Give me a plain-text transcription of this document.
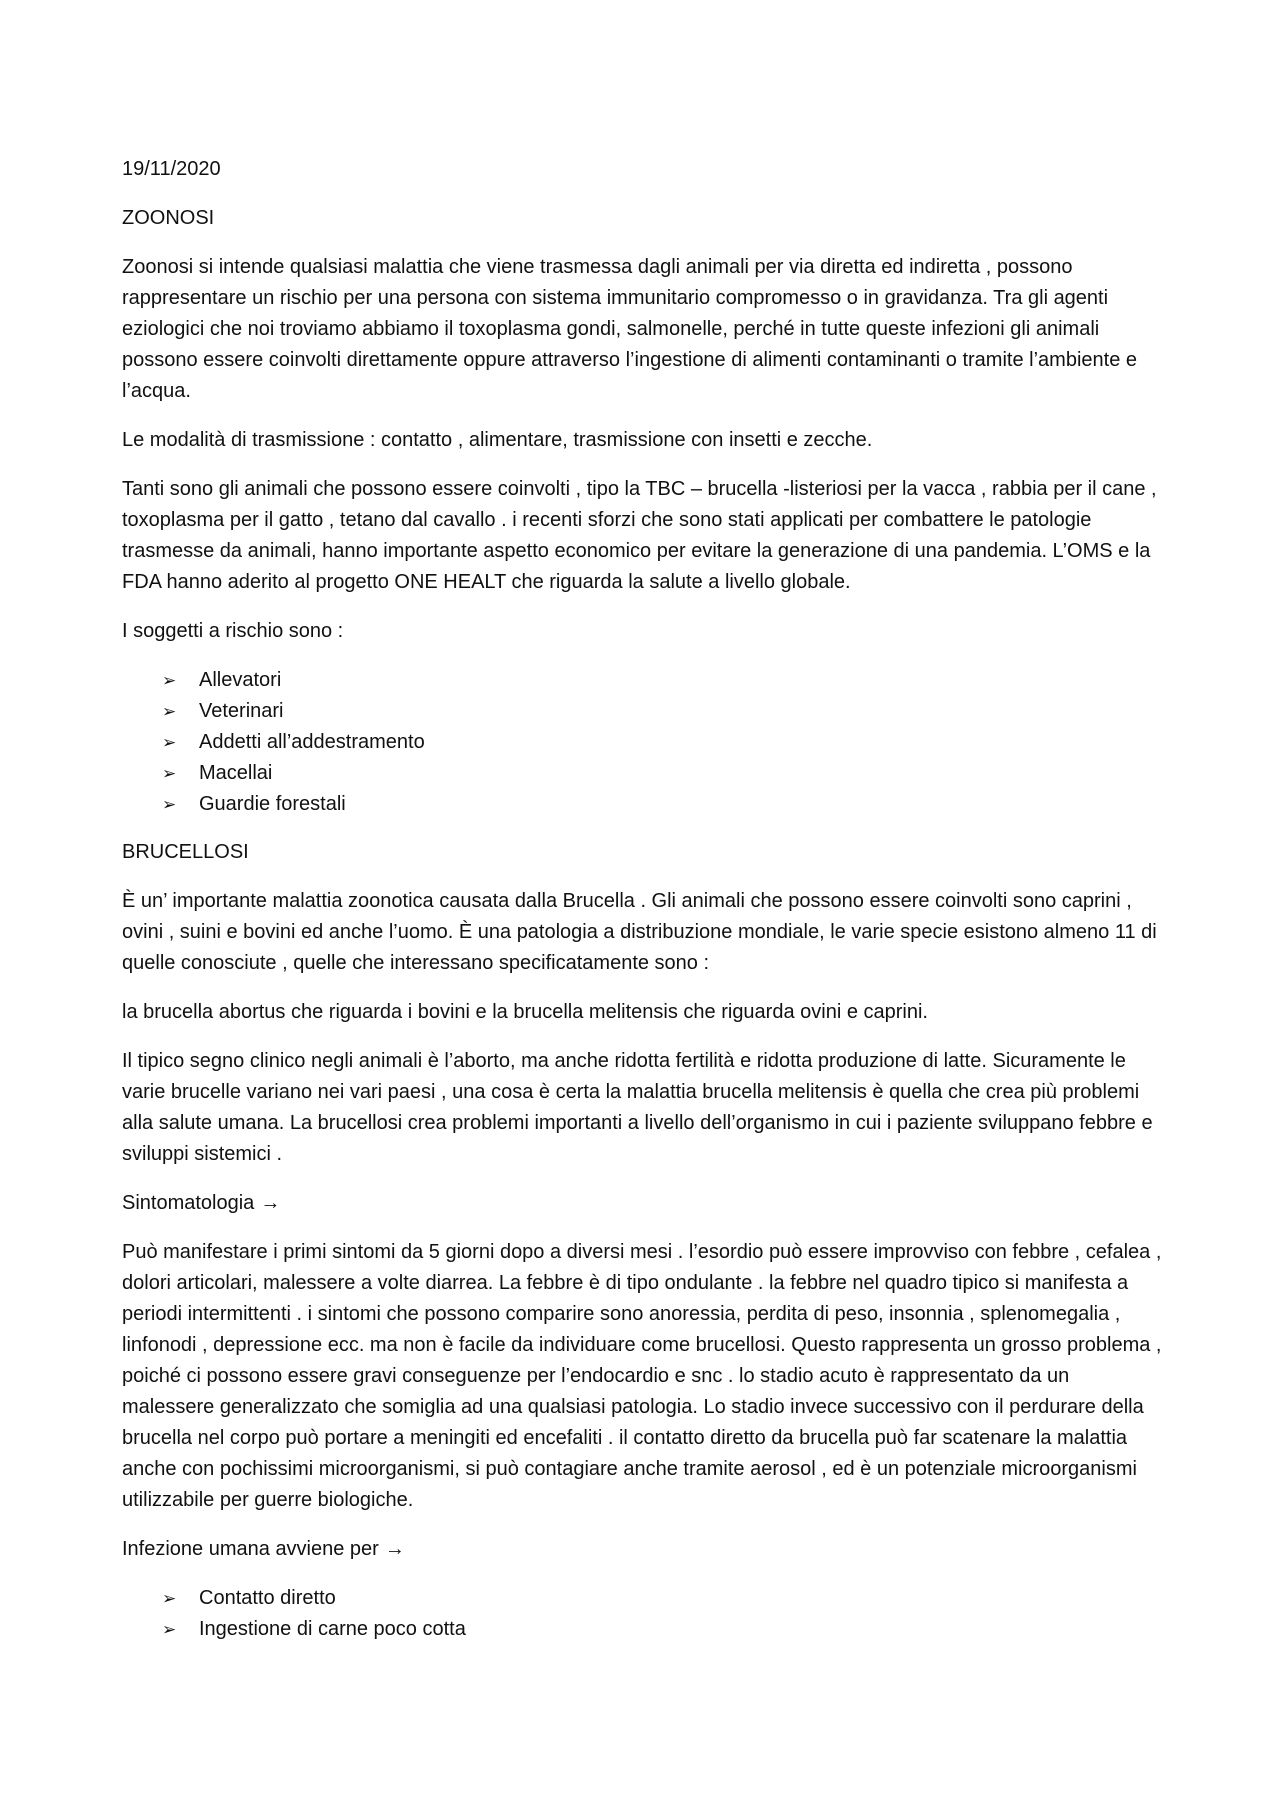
19/11/2020

ZOONOSI

Zoonosi si intende qualsiasi malattia che viene trasmessa dagli animali per via diretta ed indiretta , possono rappresentare un rischio per una persona con sistema immunitario compromesso o in gravidanza. Tra gli agenti eziologici che noi troviamo abbiamo il toxoplasma gondi, salmonelle, perché in tutte queste infezioni gli animali possono essere coinvolti direttamente oppure attraverso l’ingestione di alimenti contaminanti o tramite l’ambiente e l’acqua.

Le modalità di trasmissione : contatto , alimentare, trasmissione con insetti e zecche.

Tanti sono gli animali che possono essere coinvolti , tipo la TBC – brucella -listeriosi per la vacca , rabbia per il cane , toxoplasma per il gatto , tetano dal cavallo . i recenti sforzi che sono stati applicati per combattere le patologie trasmesse da animali, hanno importante aspetto economico per evitare la generazione di una pandemia. L’OMS e la FDA hanno aderito al progetto ONE HEALT che riguarda la salute a livello globale.

I soggetti a rischio sono :

➢ Allevatori
➢ Veterinari
➢ Addetti all’addestramento
➢ Macellai
➢ Guardie forestali

BRUCELLOSI

È un’ importante malattia zoonotica causata dalla Brucella . Gli animali che possono essere coinvolti sono caprini , ovini , suini e bovini ed anche l’uomo. È una patologia a distribuzione mondiale, le varie specie esistono almeno 11 di quelle conosciute , quelle che interessano specificatamente sono :

la brucella abortus che riguarda i bovini e la brucella melitensis che riguarda ovini e caprini.

Il tipico segno clinico negli animali è l’aborto, ma anche ridotta fertilità e ridotta produzione di latte. Sicuramente le varie brucelle variano nei vari paesi , una cosa è certa la malattia brucella melitensis è quella che crea più problemi alla salute umana. La brucellosi crea problemi importanti a livello dell’organismo in cui i paziente sviluppano febbre e sviluppi sistemici .

Sintomatologia →

Può manifestare i primi sintomi da 5 giorni dopo a diversi mesi . l’esordio può essere improvviso con febbre , cefalea , dolori articolari, malessere a volte diarrea. La febbre è di tipo ondulante . la febbre nel quadro tipico si manifesta a periodi intermittenti . i sintomi che possono comparire sono anoressia, perdita di peso, insonnia , splenomegalia , linfonodi , depressione ecc. ma non è facile da individuare come brucellosi. Questo rappresenta un grosso problema , poiché ci possono essere gravi conseguenze per l’endocardio e snc . lo stadio acuto è rappresentato da un malessere generalizzato che somiglia ad una qualsiasi patologia. Lo stadio invece successivo con il perdurare della brucella nel corpo può portare a meningiti ed encefaliti . il contatto diretto da brucella può far scatenare la malattia anche con pochissimi microorganismi, si può contagiare anche tramite aerosol , ed è un potenziale microorganismi utilizzabile per guerre biologiche.

Infezione umana avviene per →

➢ Contatto diretto
➢ Ingestione di carne poco cotta
